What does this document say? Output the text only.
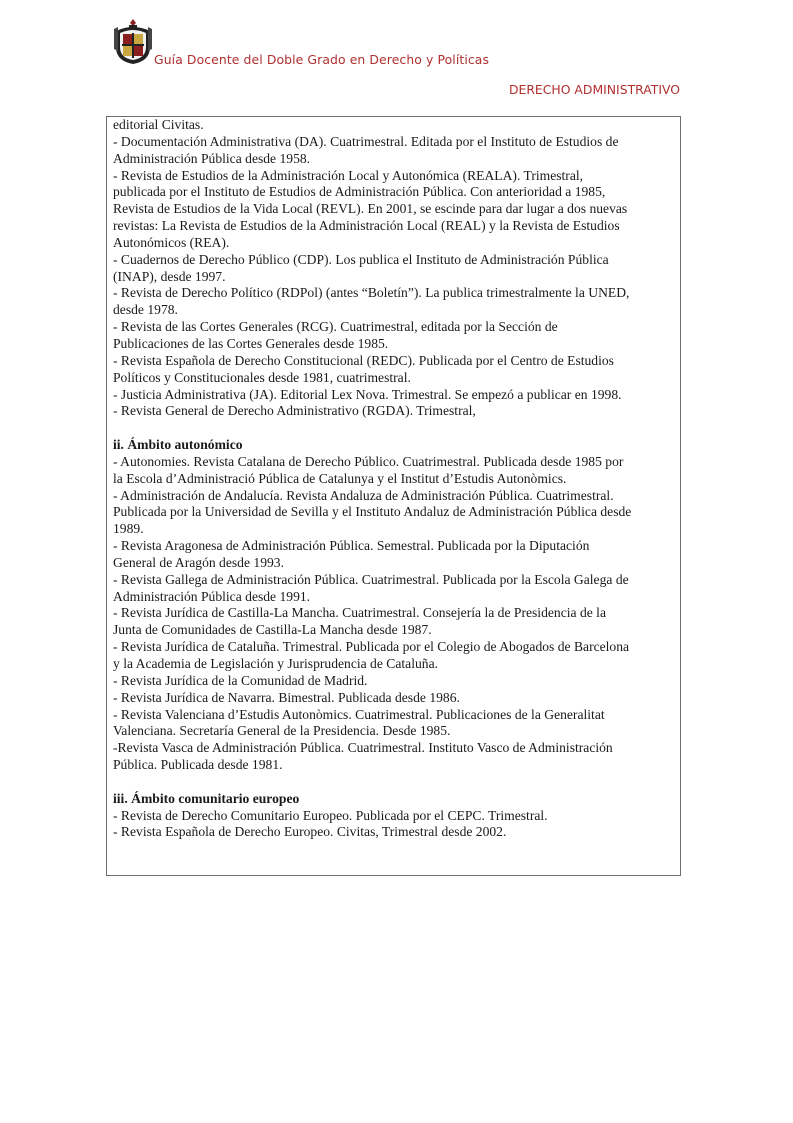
Guía Docente del Doble Grado en Derecho y Políticas
DERECHO ADMINISTRATIVO
editorial Civitas.
- Documentación Administrativa (DA). Cuatrimestral. Editada por el Instituto de Estudios de
Administración Pública desde 1958.
- Revista de Estudios de la Administración Local y Autonómica (REALA). Trimestral,
publicada por el Instituto de Estudios de Administración Pública. Con anterioridad a 1985,
Revista de Estudios de la Vida Local (REVL). En 2001, se escinde para dar lugar a dos nuevas
revistas: La Revista de Estudios de la Administración Local (REAL) y la Revista de Estudios
Autonómicos (REA).
- Cuadernos de Derecho Público (CDP). Los publica el Instituto de Administración Pública
(INAP), desde 1997.
- Revista de Derecho Político (RDPol) (antes “Boletín”). La publica trimestralmente la UNED,
desde 1978.
- Revista de las Cortes Generales (RCG). Cuatrimestral, editada por la Sección de
Publicaciones de las Cortes Generales desde 1985.
- Revista Española de Derecho Constitucional (REDC). Publicada por el Centro de Estudios
Políticos y Constitucionales desde 1981, cuatrimestral.
- Justicia Administrativa (JA). Editorial Lex Nova. Trimestral. Se empezó a publicar en 1998.
- Revista General de Derecho Administrativo (RGDA). Trimestral,
ii. Ámbito autonómico
- Autonomies. Revista Catalana de Derecho Público. Cuatrimestral. Publicada desde 1985 por
la Escola d’Administració Pública de Catalunya y el Institut d’Estudis Autonòmics.
- Administración de Andalucía. Revista Andaluza de Administración Pública. Cuatrimestral.
Publicada por la Universidad de Sevilla y el Instituto Andaluz de Administración Pública desde
1989.
- Revista Aragonesa de Administración Pública. Semestral. Publicada por la Diputación
General de Aragón desde 1993.
- Revista Gallega de Administración Pública. Cuatrimestral. Publicada por la Escola Galega de
Administración Pública desde 1991.
- Revista Jurídica de Castilla-La Mancha. Cuatrimestral. Consejería la de Presidencia de la
Junta de Comunidades de Castilla-La Mancha desde 1987.
- Revista Jurídica de Cataluña. Trimestral. Publicada por el Colegio de Abogados de Barcelona
y la Academia de Legislación y Jurisprudencia de Cataluña.
- Revista Jurídica de la Comunidad de Madrid.
- Revista Jurídica de Navarra. Bimestral. Publicada desde 1986.
- Revista Valenciana d’Estudis Autonòmics. Cuatrimestral. Publicaciones de la Generalitat
Valenciana. Secretaría General de la Presidencia. Desde 1985.
-Revista Vasca de Administración Pública. Cuatrimestral. Instituto Vasco de Administración
Pública. Publicada desde 1981.
iii. Ámbito comunitario europeo
- Revista de Derecho Comunitario Europeo. Publicada por el CEPC. Trimestral.
- Revista Española de Derecho Europeo. Civitas, Trimestral desde 2002.
